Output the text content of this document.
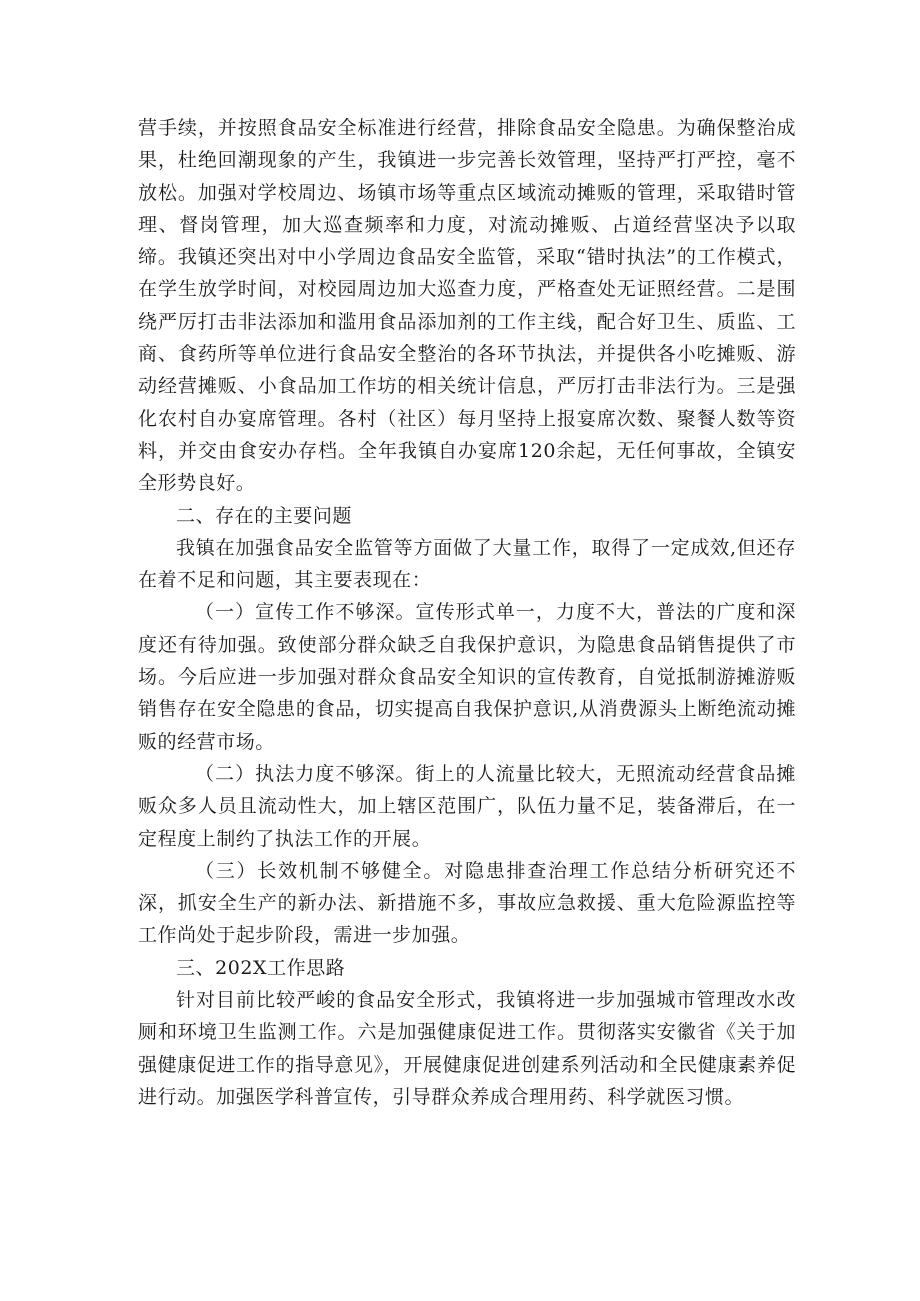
营手续，并按照食品安全标准进行经营，排除食品安全隐患。为确保整治成果，杜绝回潮现象的产生，我镇进一步完善长效管理，坚持严打严控，毫不放松。加强对学校周边、场镇市场等重点区域流动摊贩的管理，采取错时管理、督岗管理，加大巡查频率和力度，对流动摊贩、占道经营坚决予以取缔。我镇还突出对中小学周边食品安全监管，采取“错时执法”的工作模式，在学生放学时间，对校园周边加大巡查力度，严格查处无证照经营。二是围绕严厉打击非法添加和滥用食品添加剂的工作主线，配合好卫生、质监、工商、食药所等单位进行食品安全整治的各环节执法，并提供各小吃摊贩、游动经营摊贩、小食品加工作坊的相关统计信息，严厉打击非法行为。三是强化农村自办宴席管理。各村（社区）每月坚持上报宴席次数、聚餐人数等资料，并交由食安办存档。全年我镇自办宴席120余起，无任何事故，全镇安全形势良好。

二、存在的主要问题

我镇在加强食品安全监管等方面做了大量工作，取得了一定成效,但还存在着不足和问题，其主要表现在：

（一）宣传工作不够深。宣传形式单一，力度不大，普法的广度和深度还有待加强。致使部分群众缺乏自我保护意识，为隐患食品销售提供了市场。今后应进一步加强对群众食品安全知识的宣传教育，自觉抵制游摊游贩销售存在安全隐患的食品，切实提高自我保护意识,从消费源头上断绝流动摊贩的经营市场。

（二）执法力度不够深。街上的人流量比较大，无照流动经营食品摊贩众多人员且流动性大，加上辖区范围广，队伍力量不足，装备滞后，在一定程度上制约了执法工作的开展。

（三）长效机制不够健全。对隐患排查治理工作总结分析研究还不深，抓安全生产的新办法、新措施不多，事故应急救援、重大危险源监控等工作尚处于起步阶段，需进一步加强。

三、202X工作思路

针对目前比较严峻的食品安全形式，我镇将进一步加强城市管理改水改厕和环境卫生监测工作。六是加强健康促进工作。贯彻落实安徽省《关于加强健康促进工作的指导意见》，开展健康促进创建系列活动和全民健康素养促进行动。加强医学科普宣传，引导群众养成合理用药、科学就医习惯。
